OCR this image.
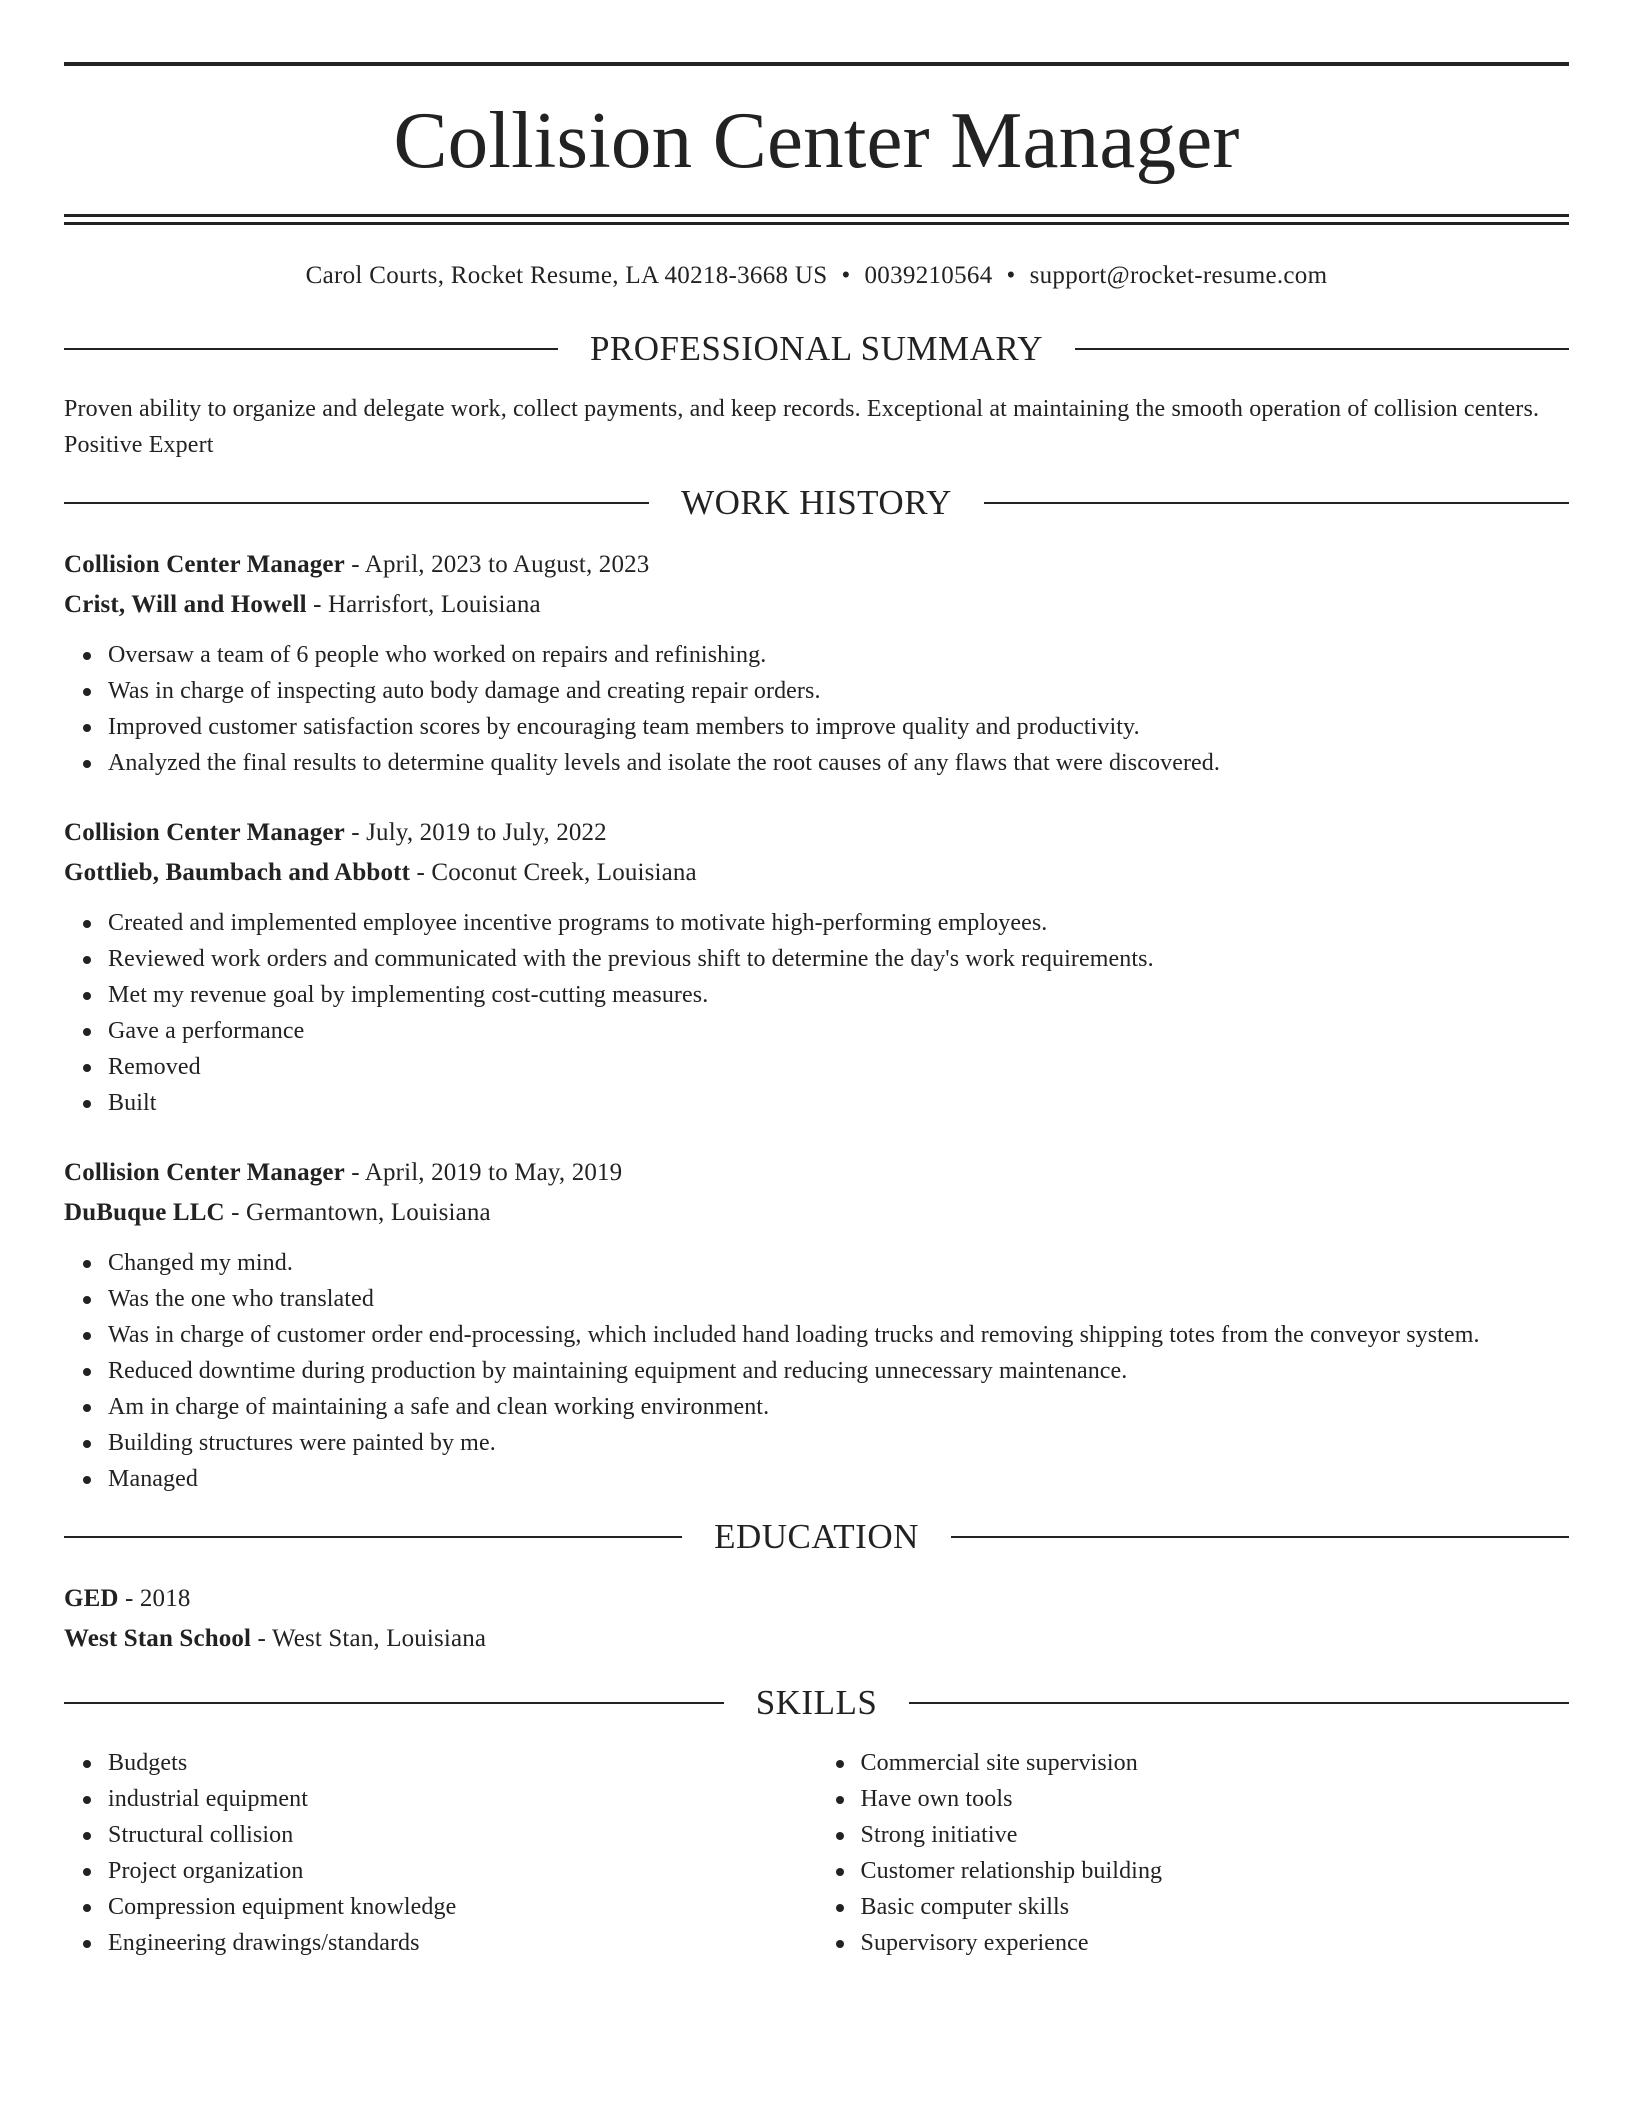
Collision Center Manager
Carol Courts, Rocket Resume, LA 40218-3668 US • 0039210564 • support@rocket-resume.com
PROFESSIONAL SUMMARY

Proven ability to organize and delegate work, collect payments, and keep records. Exceptional at maintaining the smooth operation of collision centers. Positive Expert

WORK HISTORY

Collision Center Manager - April, 2023 to August, 2023

Crist, Will and Howell - Harrisfort, Louisiana

Oversaw a team of 6 people who worked on repairs and refinishing.
Was in charge of inspecting auto body damage and creating repair orders.
Improved customer satisfaction scores by encouraging team members to improve quality and productivity.
Analyzed the final results to determine quality levels and isolate the root causes of any flaws that were discovered.

Collision Center Manager - July, 2019 to July, 2022

Gottlieb, Baumbach and Abbott - Coconut Creek, Louisiana

Created and implemented employee incentive programs to motivate high-performing employees.
Reviewed work orders and communicated with the previous shift to determine the day's work requirements.
Met my revenue goal by implementing cost-cutting measures.
Gave a performance
Removed
Built

Collision Center Manager - April, 2019 to May, 2019

DuBuque LLC - Germantown, Louisiana

Changed my mind.
Was the one who translated
Was in charge of customer order end-processing, which included hand loading trucks and removing shipping totes from the conveyor system.
Reduced downtime during production by maintaining equipment and reducing unnecessary maintenance.
Am in charge of maintaining a safe and clean working environment.
Building structures were painted by me.
Managed
EDUCATION

GED - 2018

West Stan School - West Stan, Louisiana

SKILLS
Budgets
industrial equipment
Structural collision
Project organization
Compression equipment knowledge
Engineering drawings/standards
Commercial site supervision
Have own tools
Strong initiative
Customer relationship building
Basic computer skills
Supervisory experience
